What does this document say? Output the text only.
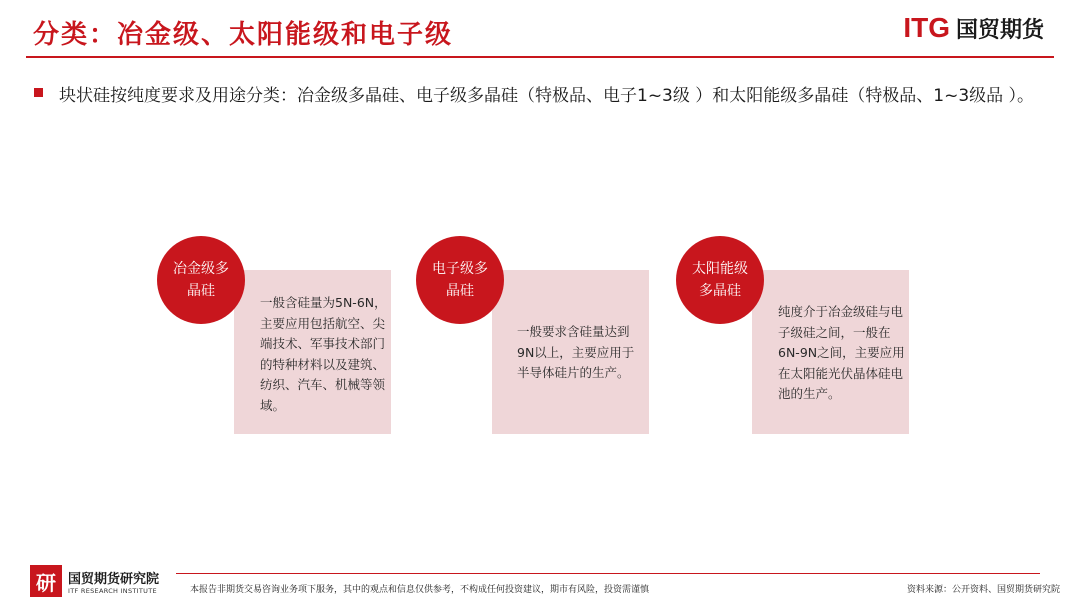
分类：冶金级、太阳能级和电子级	ITG 国贸期货
块状硅按纯度要求及用途分类：冶金级多晶硅、电子级多晶硅（特极品、电子1~3级 ）和太阳能级多晶硅（特极品、1~3级品 ）。
一般含硅量为5N-6N，主要应用包括航空、尖端技术、军事技术部门的特种材料以及建筑、纺织、汽车、机械等领域。
冶金级多晶硅
一般要求含硅量达到9N以上，主要应用于半导体硅片的生产。
电子级多晶硅
纯度介于冶金级硅与电子级硅之间，一般在6N-9N之间，主要应用在太阳能光伏晶体硅电池的生产。
太阳能级多晶硅
研 国贸期货研究院
ITF RESEARCH INSTITUTE	本报告非期货交易咨询业务项下服务，其中的观点和信息仅供参考，不构成任何投资建议，期市有风险，投资需谨慎	资料来源：公开资料、国贸期货研究院
